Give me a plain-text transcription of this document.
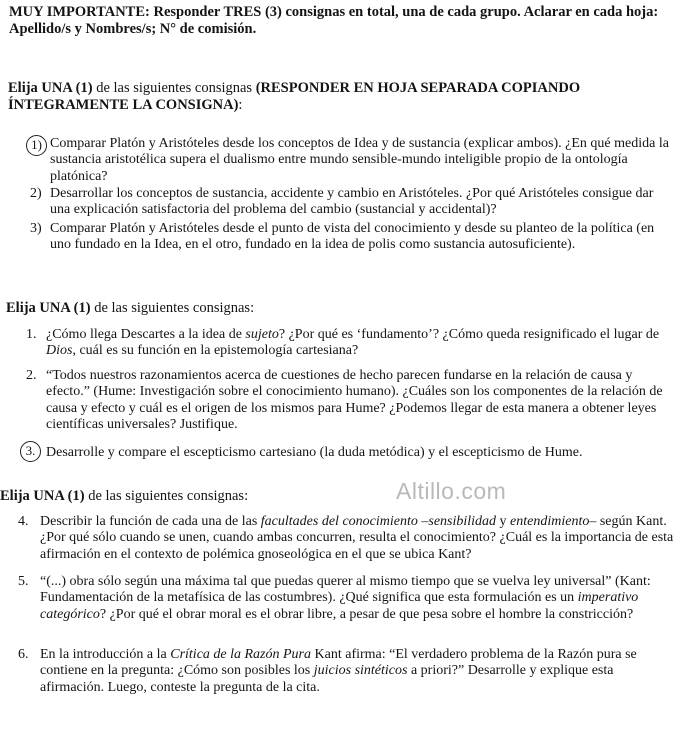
MUY IMPORTANTE: Responder TRES (3) consignas en total, una de cada grupo. Aclarar en cada hoja: Apellido/s y Nombres/s; N° de comisión.
Elija UNA (1) de las siguientes consignas (RESPONDER EN HOJA SEPARADA COPIANDO ÍNTEGRAMENTE LA CONSIGNA):
1) Comparar Platón y Aristóteles desde los conceptos de Idea y de sustancia (explicar ambos). ¿En qué medida la sustancia aristotélica supera el dualismo entre mundo sensible-mundo inteligible propio de la ontología platónica?
2) Desarrollar los conceptos de sustancia, accidente y cambio en Aristóteles. ¿Por qué Aristóteles consigue dar una explicación satisfactoria del problema del cambio (sustancial y accidental)?
3) Comparar Platón y Aristóteles desde el punto de vista del conocimiento y desde su planteo de la política (en uno fundado en la Idea, en el otro, fundado en la idea de polis como sustancia autosuficiente).
Elija UNA (1) de las siguientes consignas:
1. ¿Cómo llega Descartes a la idea de sujeto? ¿Por qué es ‘fundamento’? ¿Cómo queda resignificado el lugar de Dios, cuál es su función en la epistemología cartesiana?
2. “Todos nuestros razonamientos acerca de cuestiones de hecho parecen fundarse en la relación de causa y efecto.” (Hume: Investigación sobre el conocimiento humano). ¿Cuáles son los componentes de la relación de causa y efecto y cuál es el origen de los mismos para Hume? ¿Podemos llegar de esta manera a obtener leyes científicas universales? Justifique.
3. Desarrolle y compare el escepticismo cartesiano (la duda metódica) y el escepticismo de Hume.
Altillo.com
Elija UNA (1) de las siguientes consignas:
4. Describir la función de cada una de las facultades del conocimiento –sensibilidad y entendimiento– según Kant. ¿Por qué sólo cuando se unen, cuando ambas concurren, resulta el conocimiento? ¿Cuál es la importancia de esta afirmación en el contexto de polémica gnoseológica en el que se ubica Kant?
5. “(...) obra sólo según una máxima tal que puedas querer al mismo tiempo que se vuelva ley universal” (Kant: Fundamentación de la metafísica de las costumbres). ¿Qué significa que esta formulación es un imperativo categórico? ¿Por qué el obrar moral es el obrar libre, a pesar de que pesa sobre el hombre la constricción?
6. En la introducción a la Crítica de la Razón Pura Kant afirma: “El verdadero problema de la Razón pura se contiene en la pregunta: ¿Cómo son posibles los juicios sintéticos a priori?” Desarrolle y explique esta afirmación. Luego, conteste la pregunta de la cita.
